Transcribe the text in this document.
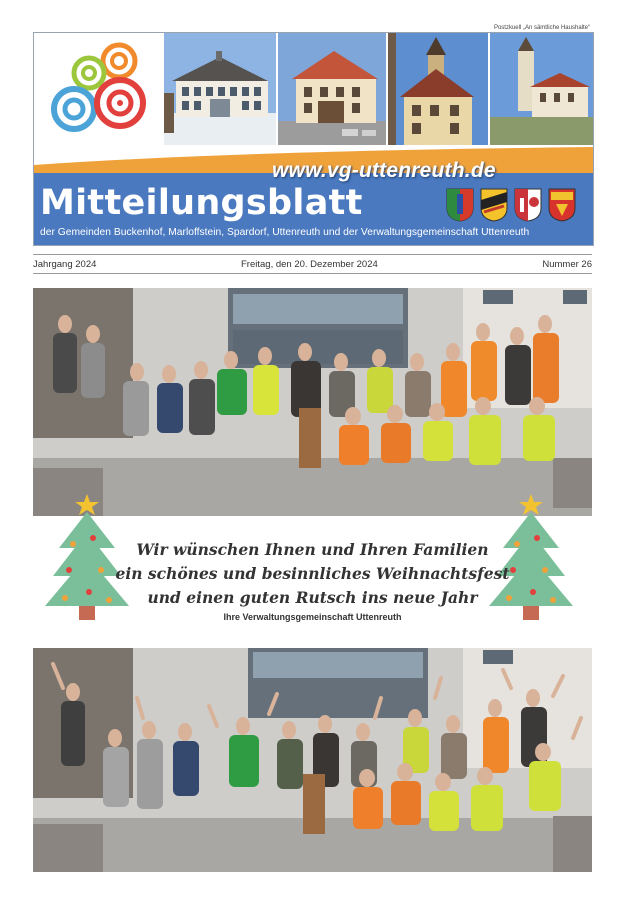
Postzkuell „An sämtliche Haushalte“
www.vg-uttenreuth.de
Mitteilungsblatt
der Gemeinden Buckenhof, Marloffstein, Spardorf, Uttenreuth und der Verwaltungsgemeinschaft Uttenreuth
Jahrgang 2024	Freitag, den 20. Dezember 2024	Nummer 26
Wir wünschen Ihnen und Ihren Familien
ein schönes und besinnliches Weihnachtsfest
und einen guten Rutsch ins neue Jahr
Ihre Verwaltungsgemeinschaft Uttenreuth
